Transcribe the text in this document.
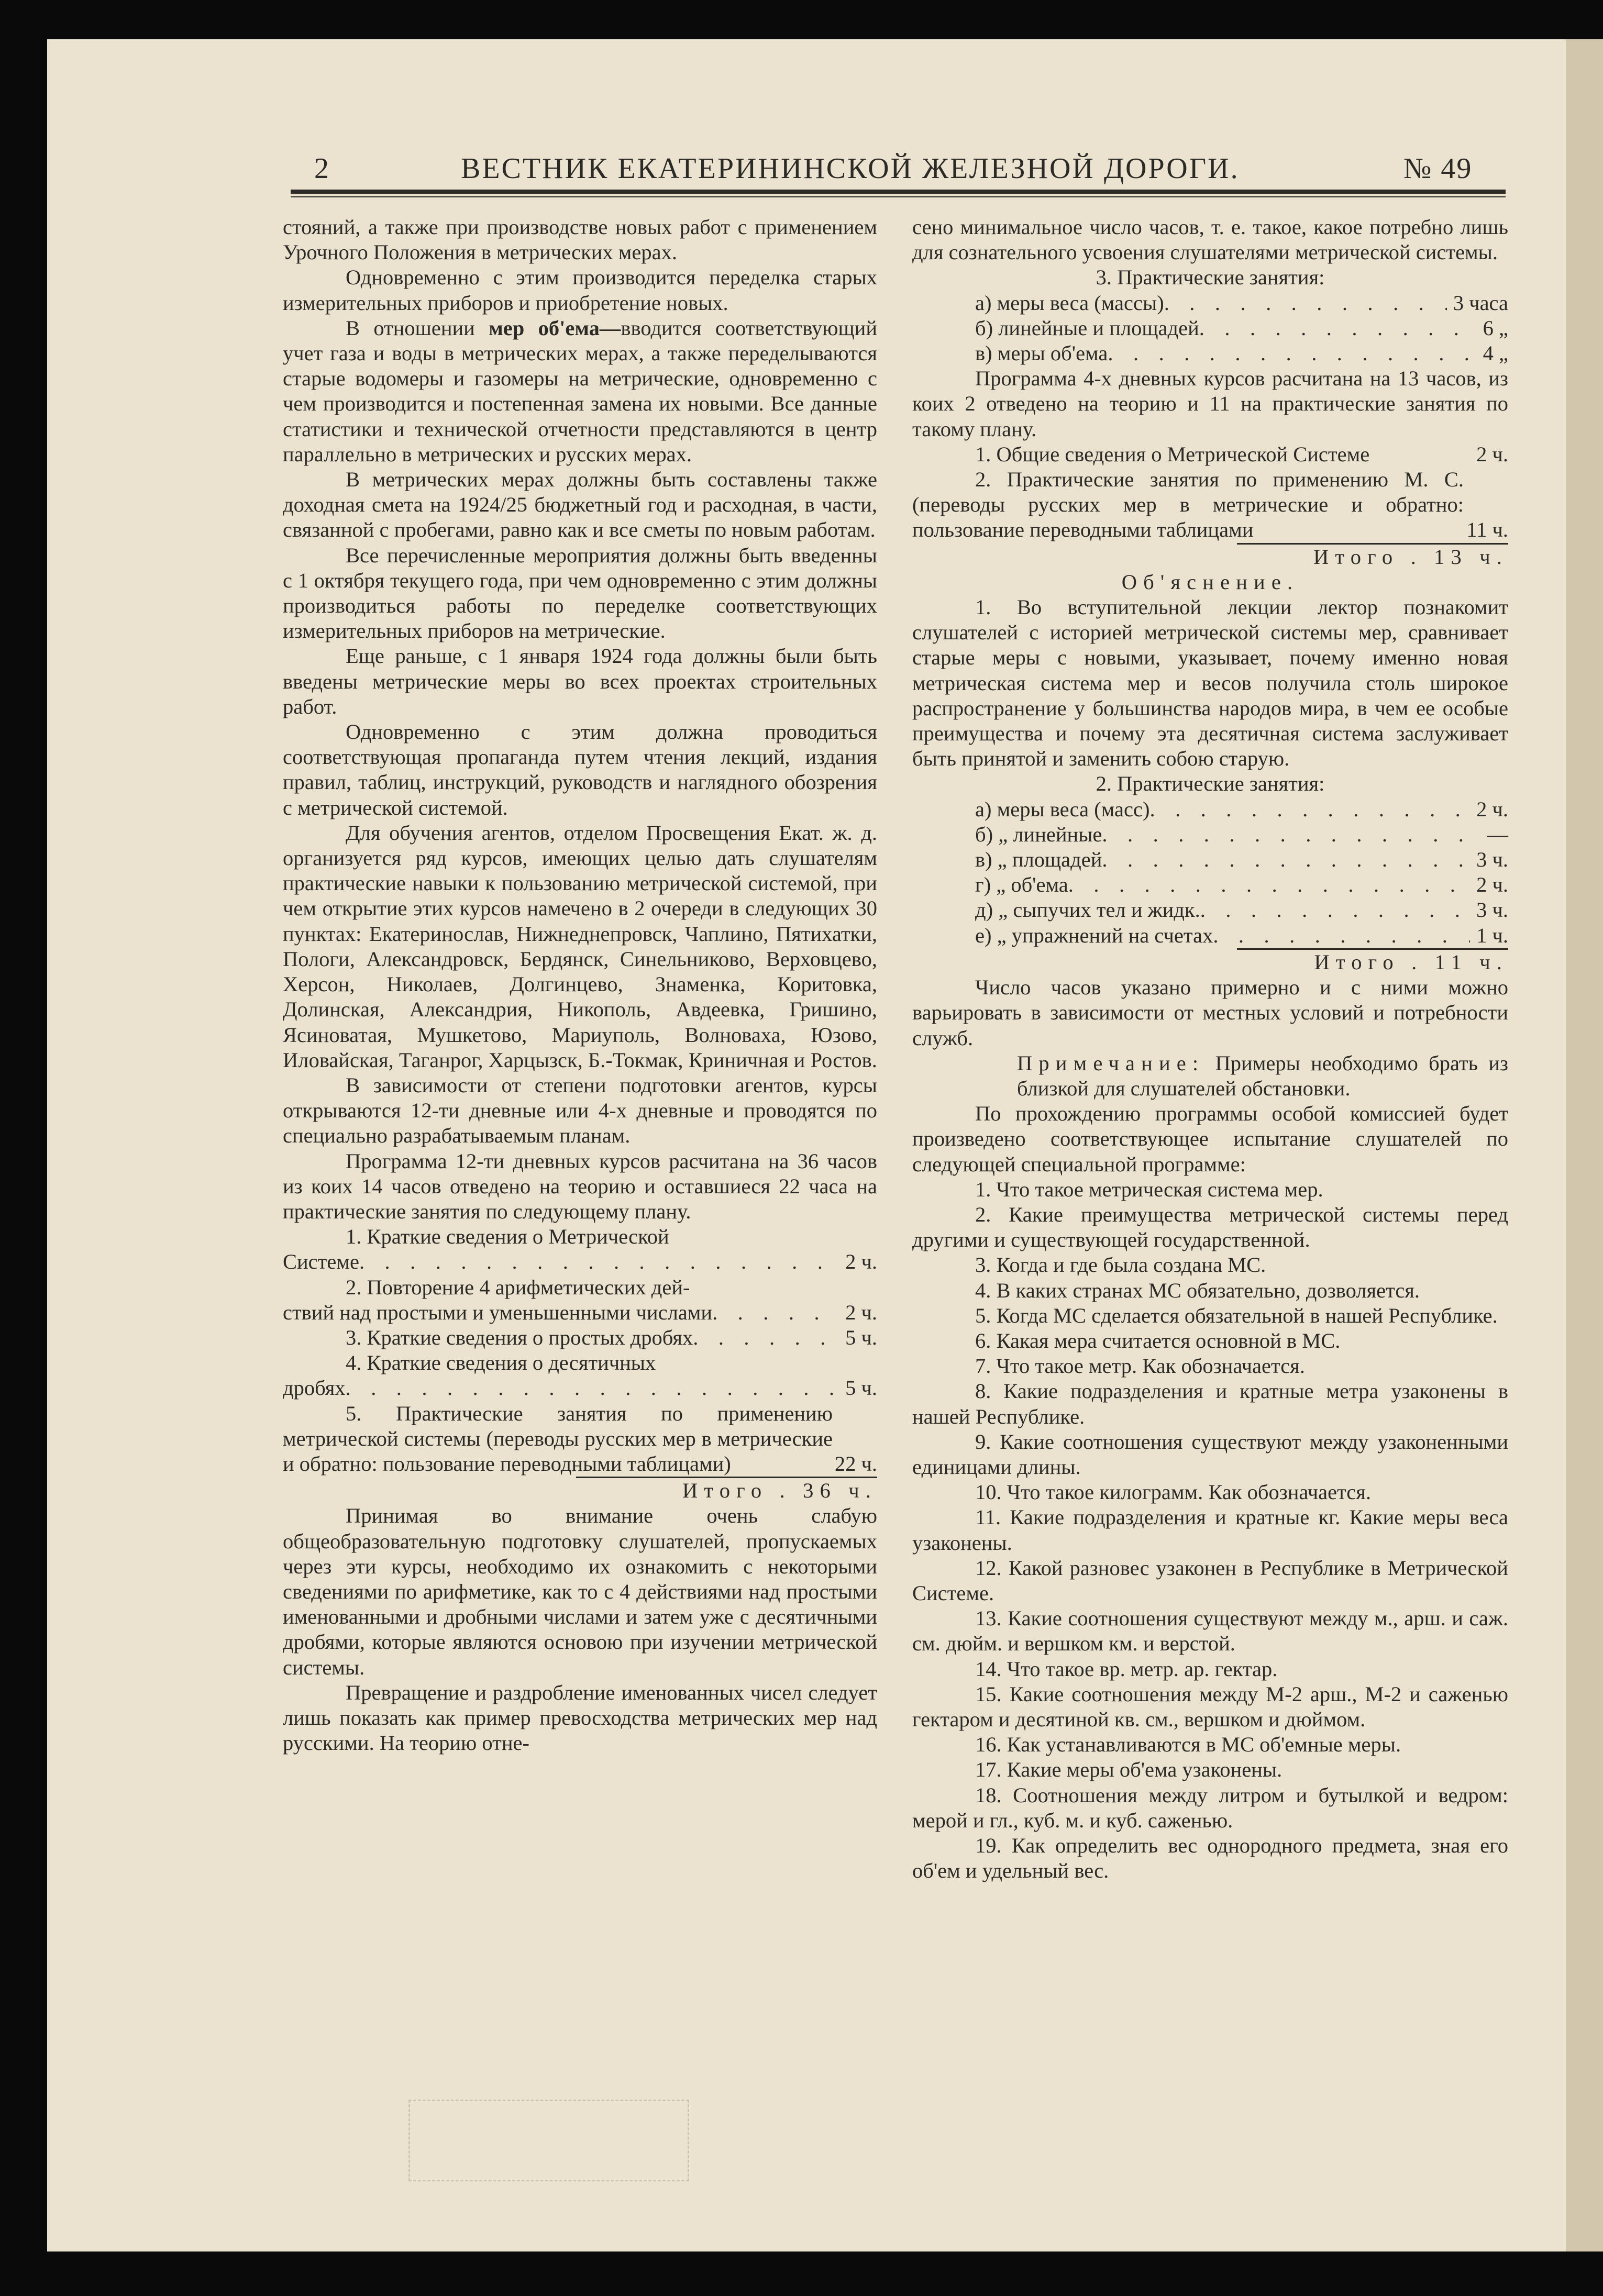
2	ВЕСТНИК ЕКАТЕРИНИНСКОЙ ЖЕЛЕЗНОЙ ДОРОГИ.	№ 49

стояний, а также при производстве новых работ с применением Урочного Положения в метрических мерах.

Одновременно с этим производится переделка старых измерительных приборов и приобретение новых.

В отношении мер об'ема—вводится соответствующий учет газа и воды в метрических мерах, а также переделываются старые водомеры и газомеры на метрические, одновременно с чем производится и постепенная замена их новыми. Все данные статистики и технической отчетности представляются в центр параллельно в метрических и русских мерах.

В метрических мерах должны быть составлены также доходная смета на 1924/25 бюджетный год и расходная, в части, связанной с пробегами, равно как и все сметы по новым работам.

Все перечисленные мероприятия должны быть введенны с 1 октября текущего года, при чем одновременно с этим должны производиться работы по переделке соответствующих измерительных приборов на метрические.

Еще раньше, с 1 января 1924 года должны были быть введены метрические меры во всех проектах строительных работ.

Одновременно с этим должна проводиться соответствующая пропаганда путем чтения лекций, издания правил, таблиц, инструкций, руководств и наглядного обозрения с метрической системой.

Для обучения агентов, отделом Просвещения Екат. ж. д. организуется ряд курсов, имеющих целью дать слушателям практические навыки к пользованию метрической системой, при чем открытие этих курсов намечено в 2 очереди в следующих 30 пунктах: Екатеринослав, Нижнеднепровск, Чаплино, Пятихатки, Пологи, Александровск, Бердянск, Синельниково, Верховцево, Херсон, Николаев, Долгинцево, Знаменка, Коритовка, Долинская, Александрия, Никополь, Авдеевка, Гришино, Ясиноватая, Мушкетово, Мариуполь, Волноваха, Юзово, Иловайская, Таганрог, Харцызск, Б.-Токмак, Криничная и Ростов.

В зависимости от степени подготовки агентов, курсы открываются 12-ти дневные или 4-х дневные и проводятся по специально разрабатываемым планам.

Программа 12-ти дневных курсов расчитана на 36 часов из коих 14 часов отведено на теорию и оставшиеся 22 часа на практические занятия по следующему плану.

1. Краткие сведения о Метрической

Системе . . .	2 ч.

2. Повторение 4 арифметических дей-

ствий над простыми и уменьшенными числами . . .	2 ч.
3. Краткие сведения о простых дробях . . .	5 ч.

4. Краткие сведения о десятичных

дробях . . .	5 ч.

5. Практические занятия по применению метрической системы (переводы русских мер в метрические и обратно: пользование переводными таблицами)	22 ч.

Итого . 36 ч.

Принимая во внимание очень слабую общеобразовательную подготовку слушателей, пропускаемых через эти курсы, необходимо их ознакомить с некоторыми сведениями по арифметике, как то с 4 действиями над простыми именованными и дробными числами и затем уже с десятичными дробями, которые являются основою при изучении метрической системы.

Превращение и раздробление именованных чисел следует лишь показать как пример превосходства метрических мер над русскими. На теорию отне-

сено минимальное число часов, т. е. такое, какое потребно лишь для сознательного усвоения слушателями метрической системы.

3. Практические занятия:

а) меры веса (массы) . . .	3 часа
б) линейные и площадей . . .	6 „
в) меры об'ема . . .	4 „

Программа 4-х дневных курсов расчитана на 13 часов, из коих 2 отведено на теорию и 11 на практические занятия по такому плану.

1. Общие сведения о Метрической Системе	2 ч.

2. Практические занятия по применению М. С. (переводы русских мер в метрические и обратно: пользование переводными таблицами	11 ч.

Итого . 13 ч.

Об'яснение.

1. Во вступительной лекции лектор познакомит слушателей с историей метрической системы мер, сравнивает старые меры с новыми, указывает, почему именно новая метрическая система мер и весов получила столь широкое распространение у большинства народов мира, в чем ее особые преимущества и почему эта десятичная система заслуживает быть принятой и заменить собою старую.

2. Практические занятия:

а) меры веса (масс) . . .	2 ч.
б) „ линейные . . .	—
в) „ площадей . . .	3 ч.
г) „ об'ема . . .	2 ч.
д) „ сыпучих тел и жидк. . . .	3 ч.
е) „ упражнений на счетах . . .	1 ч.

Итого . 11 ч.

Число часов указано примерно и с ними можно варьировать в зависимости от местных условий и потребности служб.

Примечание: Примеры необходимо брать из близкой для слушателей обстановки.

По прохождению программы особой комиссией будет произведено соответствующее испытание слушателей по следующей специальной программе:

1. Что такое метрическая система мер.

2. Какие преимущества метрической системы перед другими и существующей государственной.

3. Когда и где была создана МС.

4. В каких странах МС обязательно, дозволяется.

5. Когда МС сделается обязательной в нашей Республике.

6. Какая мера считается основной в МС.

7. Что такое метр. Как обозначается.

8. Какие подразделения и кратные метра узаконены в нашей Республике.

9. Какие соотношения существуют между узаконенными единицами длины.

10. Что такое килограмм. Как обозначается.

11. Какие подразделения и кратные кг. Какие меры веса узаконены.

12. Какой разновес узаконен в Республике в Метрической Системе.

13. Какие соотношения существуют между м., арш. и саж. см. дюйм. и вершком км. и верстой.

14. Что такое вр. метр. ар. гектар.

15. Какие соотношения между М-2 арш., М-2 и саженью гектаром и десятиной кв. см., вершком и дюймом.

16. Как устанавливаются в МС об'емные меры.

17. Какие меры об'ема узаконены.

18. Соотношения между литром и бутылкой и ведром: мерой и гл., куб. м. и куб. саженью.

19. Как определить вес однородного предмета, зная его об'ем и удельный вес.
